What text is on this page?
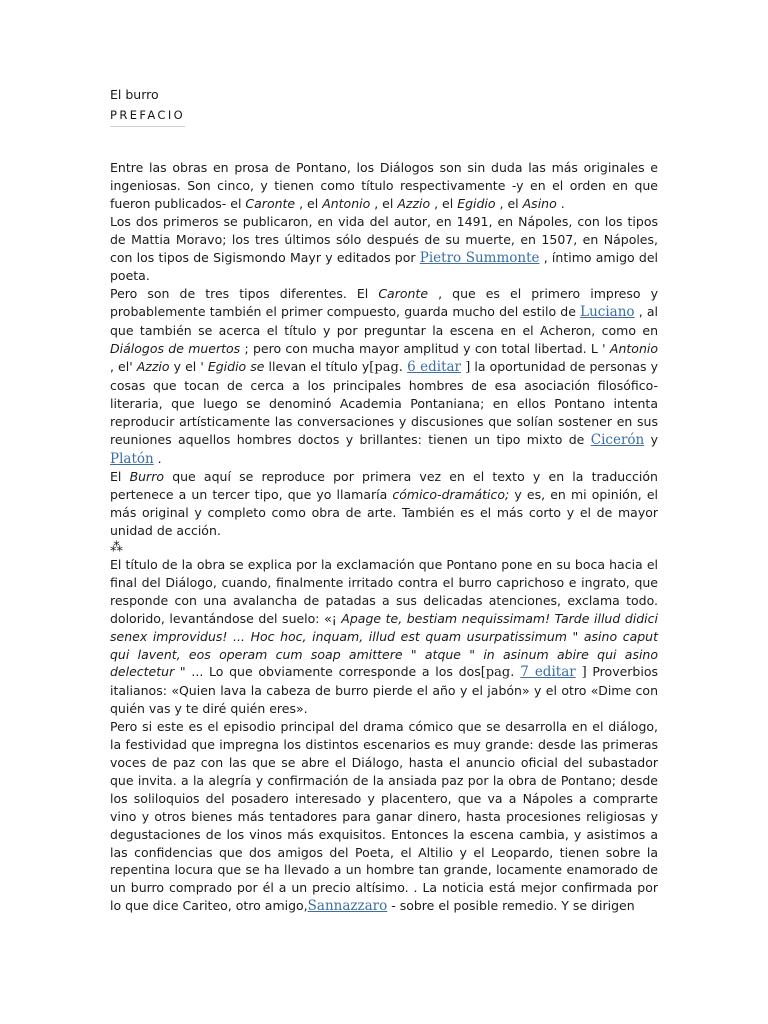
El burro

PREFACIO

Entre las obras en prosa de Pontano, los Diálogos son sin duda las más originales e ingeniosas. Son cinco, y tienen como título respectivamente -y en el orden en que fueron publicados- el Caronte , el Antonio , el Azzio , el Egidio , el Asino .

Los dos primeros se publicaron, en vida del autor, en 1491, en Nápoles, con los tipos de Mattia Moravo; los tres últimos sólo después de su muerte, en 1507, en Nápoles, con los tipos de Sigismondo Mayr y editados por Pietro Summonte , íntimo amigo del poeta.

Pero son de tres tipos diferentes. El Caronte , que es el primero impreso y probablemente también el primer compuesto, guarda mucho del estilo de Luciano , al que también se acerca el título y por preguntar la escena en el Acheron, como en Diálogos de muertos ; pero con mucha mayor amplitud y con total libertad. L ' Antonio , el' Azzio y el ' Egidio se llevan el título y[pag. 6 editar ] la oportunidad de personas y cosas que tocan de cerca a los principales hombres de esa asociación filosófico-literaria, que luego se denominó Academia Pontaniana; en ellos Pontano intenta reproducir artísticamente las conversaciones y discusiones que solían sostener en sus reuniones aquellos hombres doctos y brillantes: tienen un tipo mixto de Cicerón y Platón .

El Burro que aquí se reproduce por primera vez en el texto y en la traducción pertenece a un tercer tipo, que yo llamaría cómico-dramático; y es, en mi opinión, el más original y completo como obra de arte. También es el más corto y el de mayor unidad de acción.

⁂

El título de la obra se explica por la exclamación que Pontano pone en su boca hacia el final del Diálogo, cuando, finalmente irritado contra el burro caprichoso e ingrato, que responde con una avalancha de patadas a sus delicadas atenciones, exclama todo. dolorido, levantándose del suelo: «¡ Apage te, bestiam nequissimam! Tarde illud didici senex improvidus! ... Hoc hoc, inquam, illud est quam usurpatissimum " asino caput qui lavent, eos operam cum soap amittere " atque " in asinum abire qui asino delectetur " ... Lo que obviamente corresponde a los dos[pag. 7 editar ] Proverbios italianos: «Quien lava la cabeza de burro pierde el año y el jabón» y el otro «Dime con quién vas y te diré quién eres».

Pero si este es el episodio principal del drama cómico que se desarrolla en el diálogo, la festividad que impregna los distintos escenarios es muy grande: desde las primeras voces de paz con las que se abre el Diálogo, hasta el anuncio oficial del subastador que invita. a la alegría y confirmación de la ansiada paz por la obra de Pontano; desde los soliloquios del posadero interesado y placentero, que va a Nápoles a comprarte vino y otros bienes más tentadores para ganar dinero, hasta procesiones religiosas y degustaciones de los vinos más exquisitos. Entonces la escena cambia, y asistimos a las confidencias que dos amigos del Poeta, el Altilio y el Leopardo, tienen sobre la repentina locura que se ha llevado a un hombre tan grande, locamente enamorado de un burro comprado por él a un precio altísimo. . La noticia está mejor confirmada por lo que dice Cariteo, otro amigo,Sannazzaro - sobre el posible remedio. Y se dirigen
